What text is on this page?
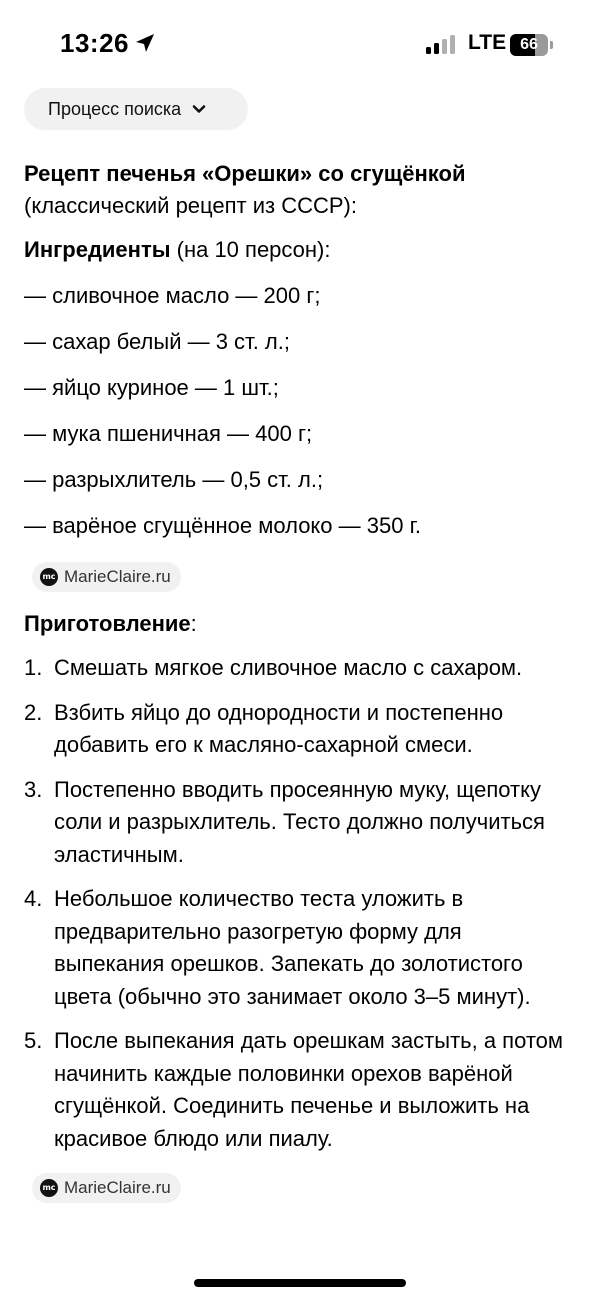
13:26	LTE 66
Процесс поиска

Рецепт печенья «Орешки» со сгущёнкой (классический рецепт из СССР):

Ингредиенты (на 10 персон):

— сливочное масло — 200 г;
— сахар белый — 3 ст. л.;
— яйцо куриное — 1 шт.;
— мука пшеничная — 400 г;
— разрыхлитель — 0,5 ст. л.;
— варёное сгущённое молоко — 350 г.
mc MarieClaire.ru

Приготовление:

1. Смешать мягкое сливочное масло с сахаром.
2. Взбить яйцо до однородности и постепенно добавить его к масляно-сахарной смеси.
3. Постепенно вводить просеянную муку, щепотку соли и разрыхлитель. Тесто должно получиться эластичным.
4. Небольшое количество теста уложить в предварительно разогретую форму для выпекания орешков. Запекать до золотистого цвета (обычно это занимает около 3–5 минут).
5. После выпекания дать орешкам застыть, а потом начинить каждые половинки орехов варёной сгущёнкой. Соединить печенье и выложить на красивое блюдо или пиалу.
mc MarieClaire.ru
